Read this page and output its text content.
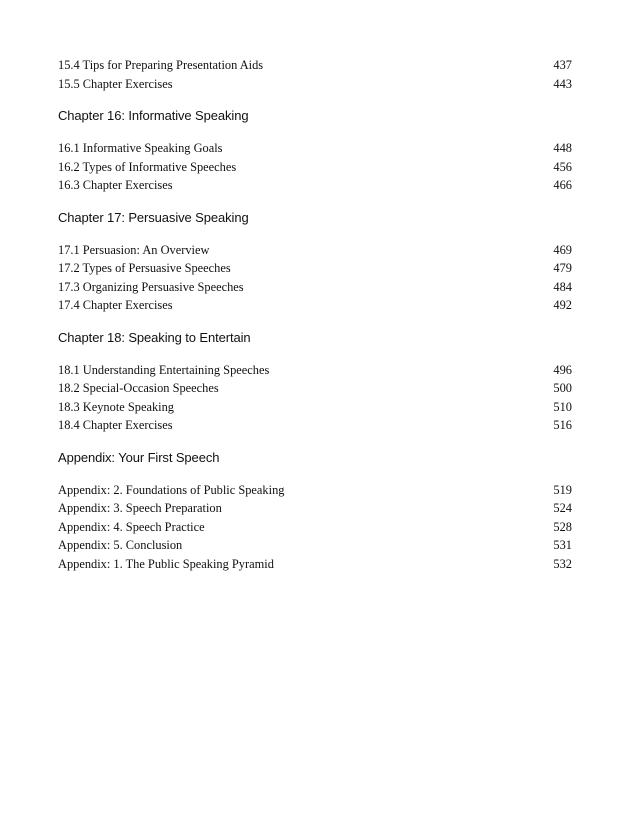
15.4 Tips for Preparing Presentation Aids	437
15.5 Chapter Exercises	443
Chapter 16: Informative Speaking
16.1 Informative Speaking Goals	448
16.2 Types of Informative Speeches	456
16.3 Chapter Exercises	466
Chapter 17: Persuasive Speaking
17.1 Persuasion: An Overview	469
17.2 Types of Persuasive Speeches	479
17.3 Organizing Persuasive Speeches	484
17.4 Chapter Exercises	492
Chapter 18: Speaking to Entertain
18.1 Understanding Entertaining Speeches	496
18.2 Special-Occasion Speeches	500
18.3 Keynote Speaking	510
18.4 Chapter Exercises	516
Appendix: Your First Speech
Appendix: 2. Foundations of Public Speaking	519
Appendix: 3. Speech Preparation	524
Appendix: 4. Speech Practice	528
Appendix: 5. Conclusion	531
Appendix: 1. The Public Speaking Pyramid	532
